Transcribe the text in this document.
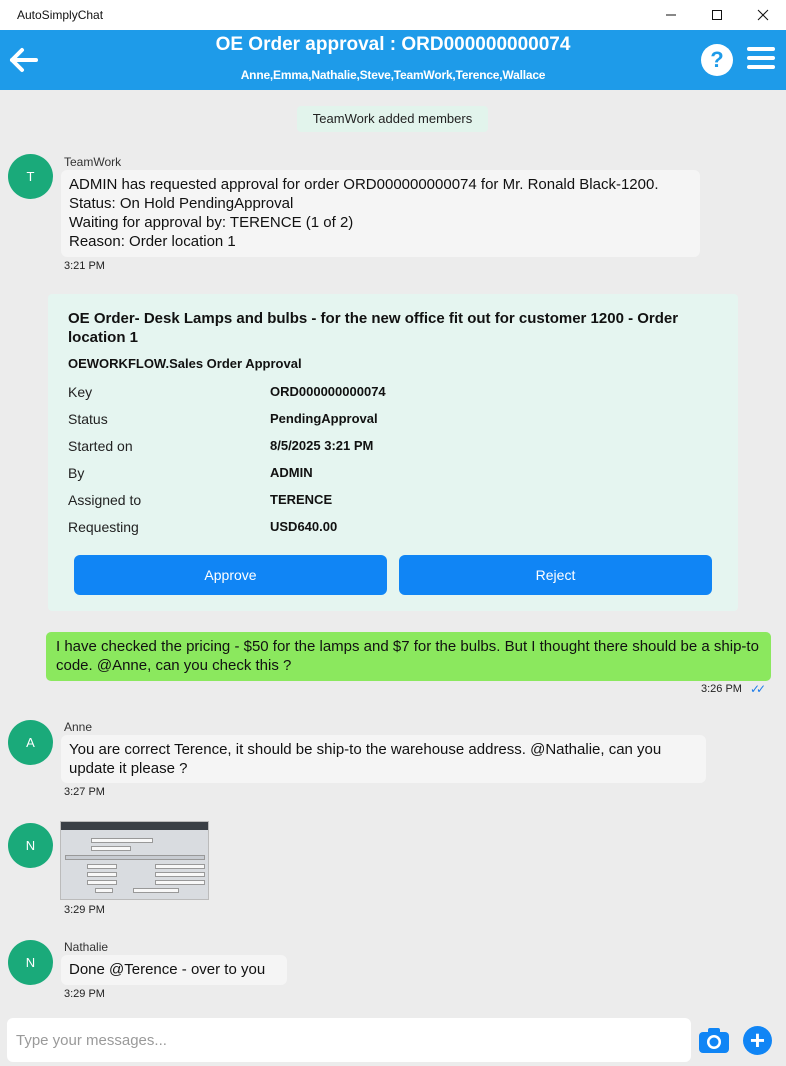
AutoSimplyChat
OE Order approval : ORD000000000074
Anne,Emma,Nathalie,Steve,TeamWork,Terence,Wallace
?
TeamWork added members
T
TeamWork
ADMIN has requested approval for order ORD000000000074 for Mr. Ronald Black-1200.
Status: On Hold PendingApproval
Waiting for approval by: TERENCE (1 of 2)
Reason: Order location 1
3:21 PM
OE Order- Desk Lamps and bulbs - for the new office fit out for customer 1200 - Order location 1
OEWORKFLOW.Sales Order Approval
Key	ORD000000000074
Status	PendingApproval
Started on	8/5/2025 3:21 PM
By	ADMIN
Assigned to	TERENCE
Requesting	USD640.00
Approve	Reject
I have checked the pricing - $50 for the lamps and $7 for the bulbs. But I thought there should be a ship-to code. @Anne, can you check this ?
3:26 PM ✓✓
A
Anne
You are correct Terence, it should be ship-to the warehouse address. @Nathalie, can you update it please ?
3:27 PM
N
3:29 PM
N
Nathalie
Done @Terence - over to you
3:29 PM
Type your messages...
+
